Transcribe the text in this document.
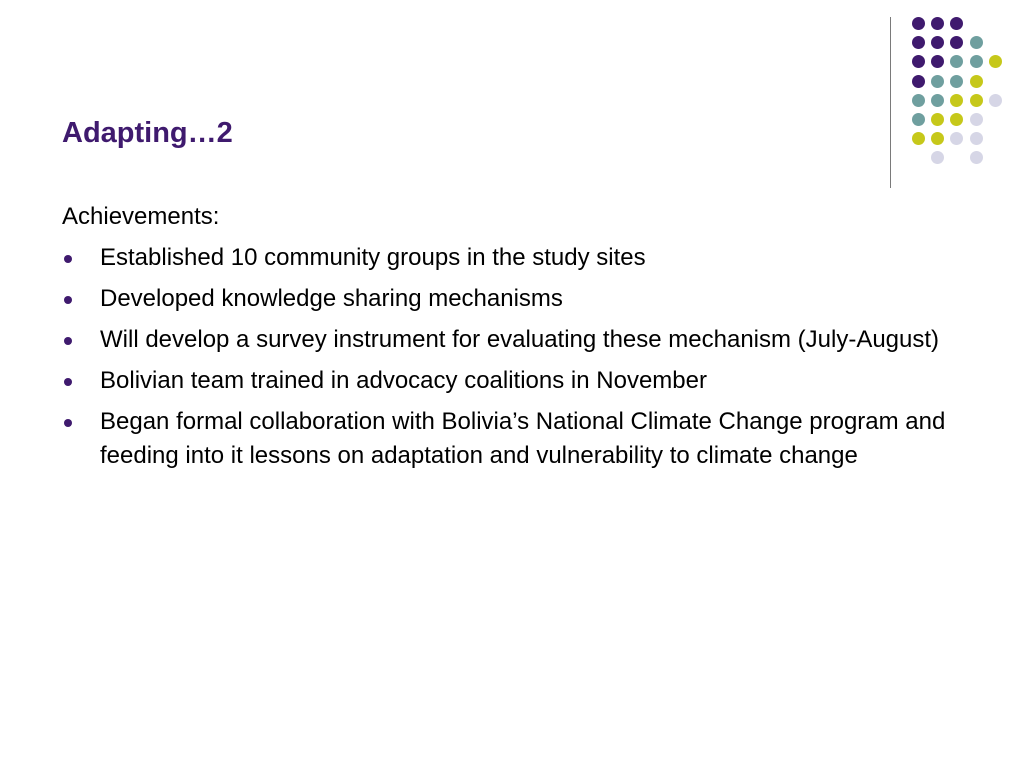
Adapting…2

Achievements:

Established 10 community groups in the study sites
Developed knowledge sharing mechanisms
Will develop a survey instrument for evaluating these mechanism (July-August)
Bolivian team trained in advocacy coalitions in November
Began formal collaboration with Bolivia’s National Climate Change program and feeding into it lessons on adaptation and vulnerability to climate change
